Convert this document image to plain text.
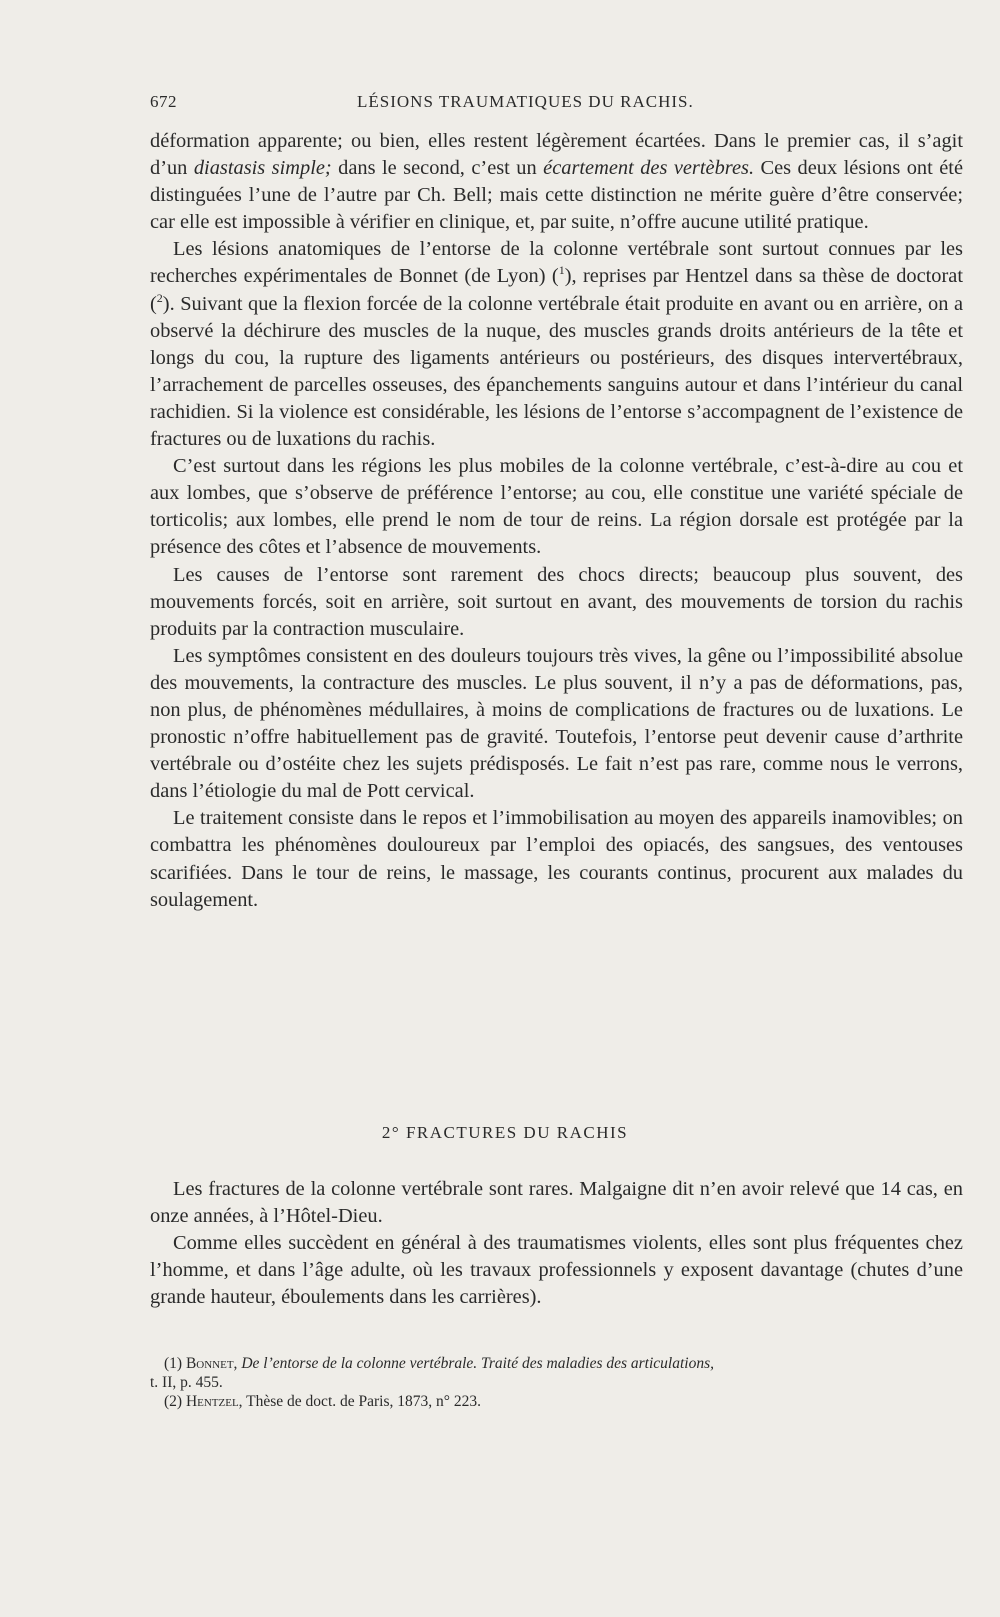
672	LÉSIONS TRAUMATIQUES DU RACHIS.

déformation apparente; ou bien, elles restent légèrement écartées. Dans le premier cas, il s’agit d’un diastasis simple; dans le second, c’est un écartement des vertèbres. Ces deux lésions ont été distinguées l’une de l’autre par Ch. Bell; mais cette distinction ne mérite guère d’être conservée; car elle est impossible à vérifier en clinique, et, par suite, n’offre aucune utilité pratique.

Les lésions anatomiques de l’entorse de la colonne vertébrale sont surtout connues par les recherches expérimentales de Bonnet (de Lyon) ($^1$), reprises par Hentzel dans sa thèse de doctorat ($^2$). Suivant que la flexion forcée de la colonne vertébrale était produite en avant ou en arrière, on a observé la déchirure des muscles de la nuque, des muscles grands droits antérieurs de la tête et longs du cou, la rupture des ligaments antérieurs ou postérieurs, des disques intervertébraux, l’arrachement de parcelles osseuses, des épanchements sanguins autour et dans l’intérieur du canal rachidien. Si la violence est considérable, les lésions de l’entorse s’accompagnent de l’existence de fractures ou de luxations du rachis.

C’est surtout dans les régions les plus mobiles de la colonne vertébrale, c’est-à-dire au cou et aux lombes, que s’observe de préférence l’entorse; au cou, elle constitue une variété spéciale de torticolis; aux lombes, elle prend le nom de tour de reins. La région dorsale est protégée par la présence des côtes et l’absence de mouvements.

Les causes de l’entorse sont rarement des chocs directs; beaucoup plus souvent, des mouvements forcés, soit en arrière, soit surtout en avant, des mouvements de torsion du rachis produits par la contraction musculaire.

Les symptômes consistent en des douleurs toujours très vives, la gêne ou l’impossibilité absolue des mouvements, la contracture des muscles. Le plus souvent, il n’y a pas de déformations, pas, non plus, de phénomènes médullaires, à moins de complications de fractures ou de luxations. Le pronostic n’offre habituellement pas de gravité. Toutefois, l’entorse peut devenir cause d’arthrite vertébrale ou d’ostéite chez les sujets prédisposés. Le fait n’est pas rare, comme nous le verrons, dans l’étiologie du mal de Pott cervical.

Le traitement consiste dans le repos et l’immobilisation au moyen des appareils inamovibles; on combattra les phénomènes douloureux par l’emploi des opiacés, des sangsues, des ventouses scarifiées. Dans le tour de reins, le massage, les courants continus, procurent aux malades du soulagement.

2° FRACTURES DU RACHIS

Les fractures de la colonne vertébrale sont rares. Malgaigne dit n’en avoir relevé que 14 cas, en onze années, à l’Hôtel-Dieu.

Comme elles succèdent en général à des traumatismes violents, elles sont plus fréquentes chez l’homme, et dans l’âge adulte, où les travaux professionnels y exposent davantage (chutes d’une grande hauteur, éboulements dans les carrières).

(1) Bonnet, De l’entorse de la colonne vertébrale. Traité des maladies des articulations,

t. II, p. 455.

(2) Hentzel, Thèse de doct. de Paris, 1873, n° 223.
